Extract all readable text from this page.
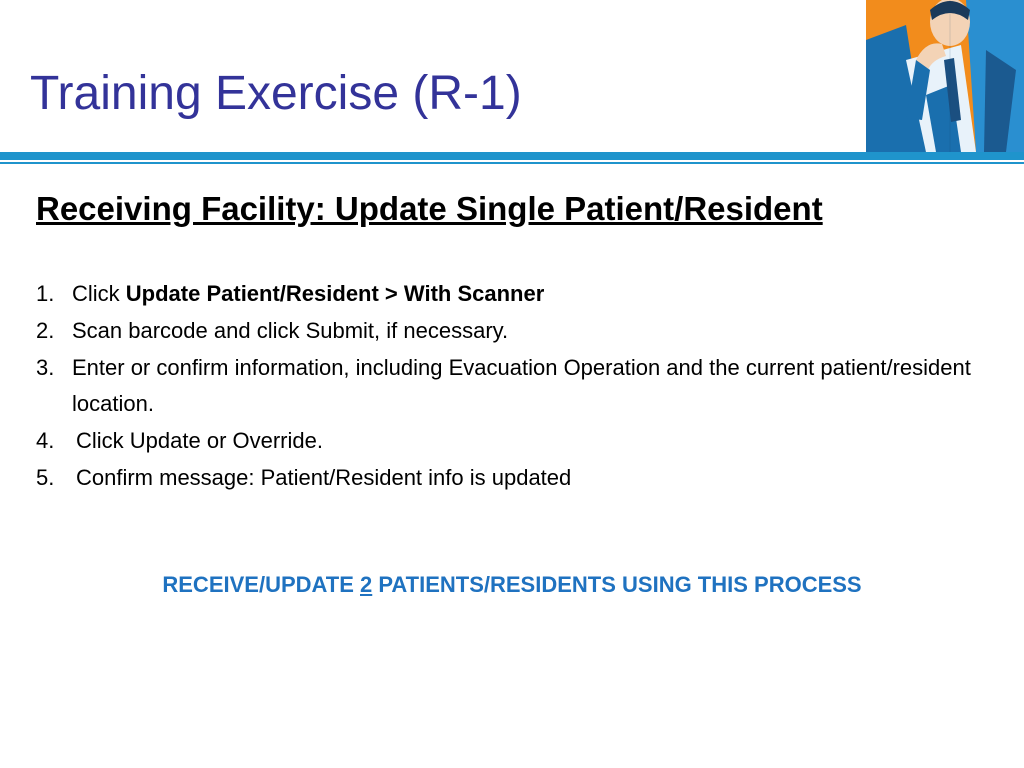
Training Exercise (R-1)
Receiving Facility: Update Single Patient/Resident
1. Click Update Patient/Resident > With Scanner
2. Scan barcode and click Submit, if necessary.
3. Enter or confirm information, including Evacuation Operation and the current patient/resident location.
4. Click Update or Override.
5. Confirm message: Patient/Resident info is updated
RECEIVE/UPDATE 2 PATIENTS/RESIDENTS USING THIS PROCESS
